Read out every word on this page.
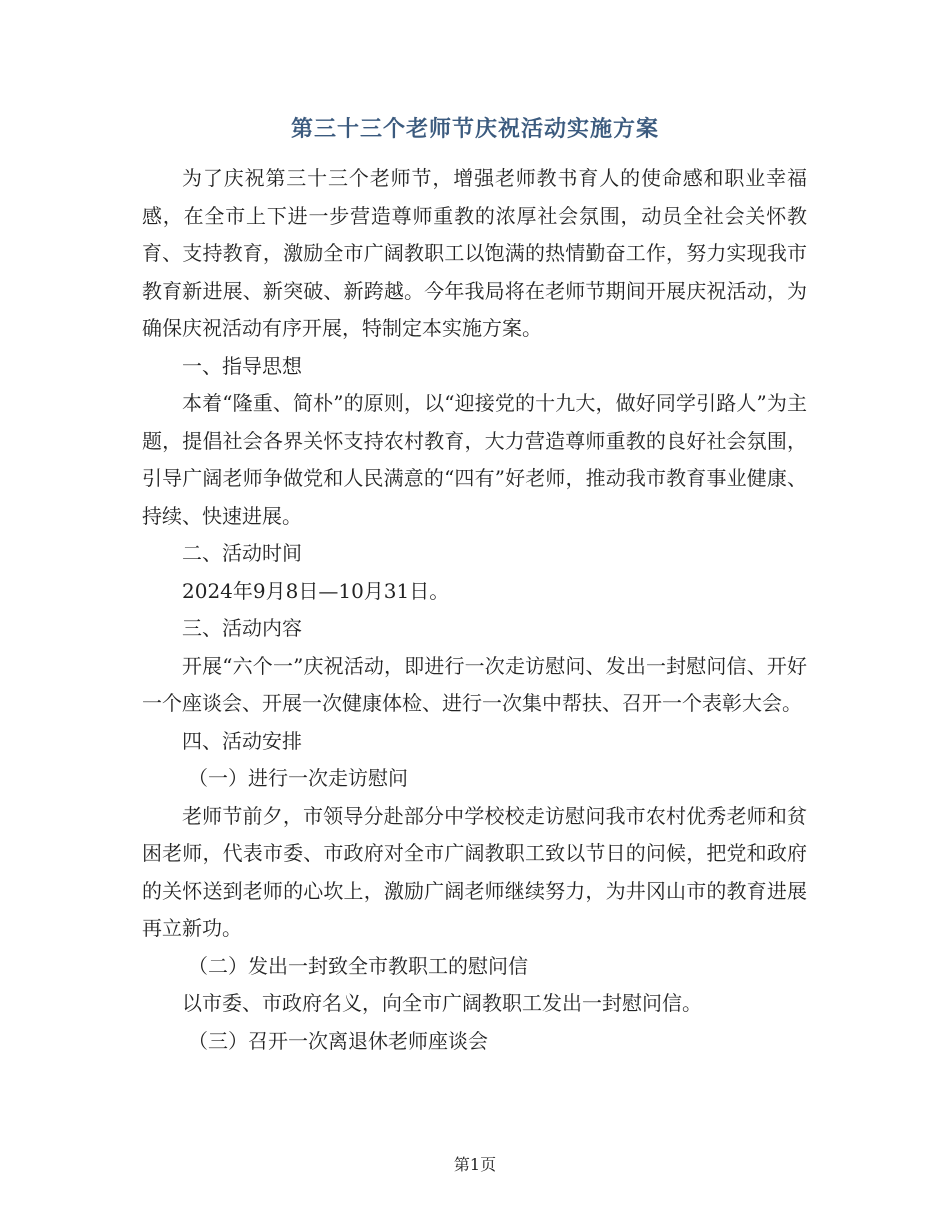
第三十三个老师节庆祝活动实施方案

为了庆祝第三十三个老师节，增强老师教书育人的使命感和职业幸福感，在全市上下进一步营造尊师重教的浓厚社会氛围，动员全社会关怀教育、支持教育，激励全市广阔教职工以饱满的热情勤奋工作，努力实现我市教育新进展、新突破、新跨越。今年我局将在老师节期间开展庆祝活动，为确保庆祝活动有序开展，特制定本实施方案。

一、指导思想

本着“隆重、简朴”的原则，以“迎接党的十九大，做好同学引路人”为主题，提倡社会各界关怀支持农村教育，大力营造尊师重教的良好社会氛围，引导广阔老师争做党和人民满意的“四有”好老师，推动我市教育事业健康、持续、快速进展。

二、活动时间

2024年9月8日—10月31日。

三、活动内容

开展“六个一”庆祝活动，即进行一次走访慰问、发出一封慰问信、开好一个座谈会、开展一次健康体检、进行一次集中帮扶、召开一个表彰大会。

四、活动安排

（一）进行一次走访慰问

老师节前夕，市领导分赴部分中学校校走访慰问我市农村优秀老师和贫困老师，代表市委、市政府对全市广阔教职工致以节日的问候，把党和政府的关怀送到老师的心坎上，激励广阔老师继续努力，为井冈山市的教育进展再立新功。

（二）发出一封致全市教职工的慰问信

以市委、市政府名义，向全市广阔教职工发出一封慰问信。

（三）召开一次离退休老师座谈会

第1页
